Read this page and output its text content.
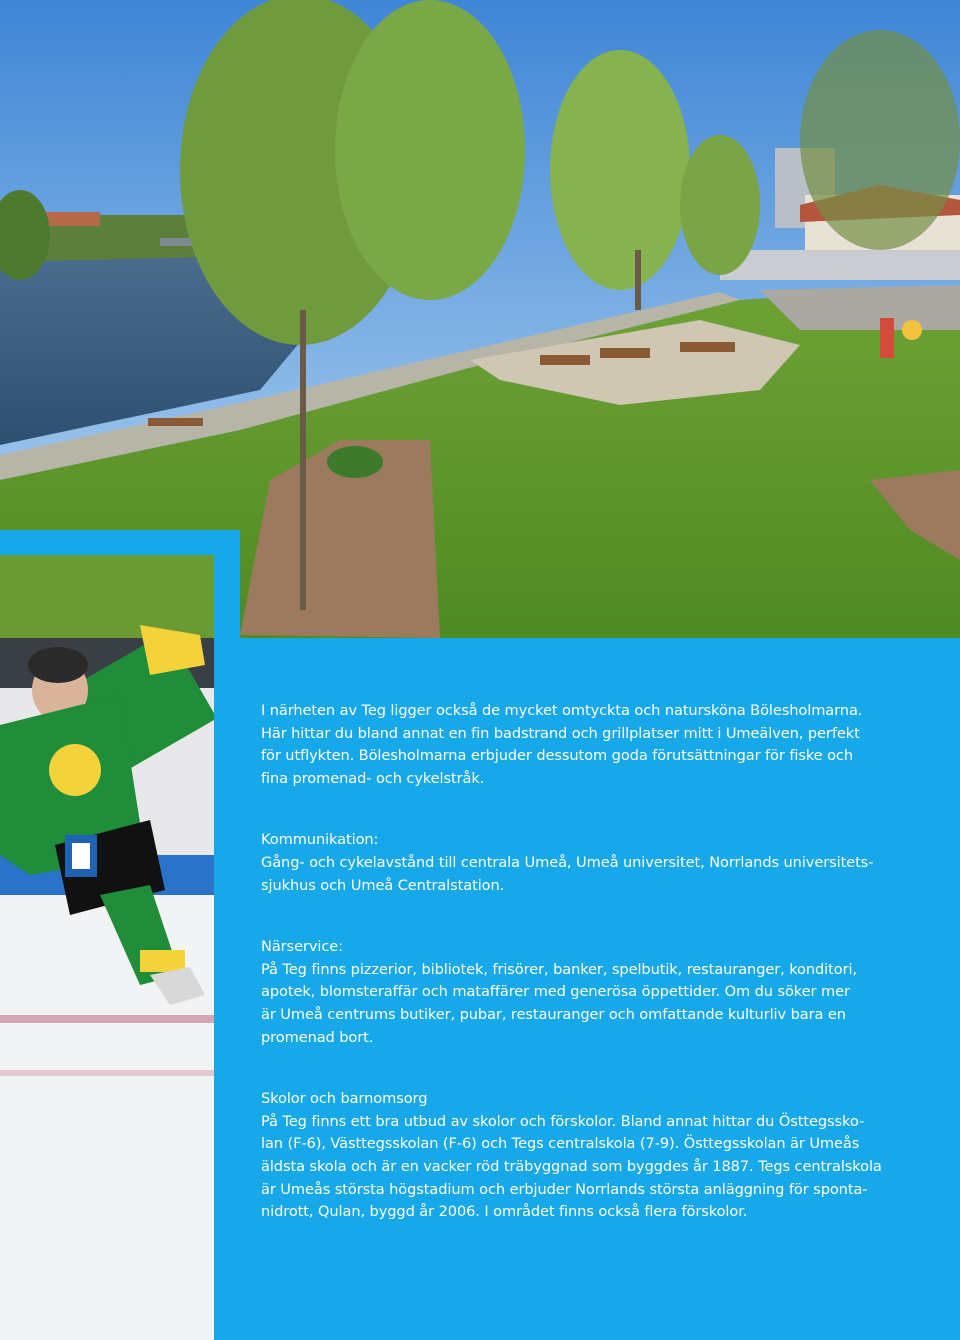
I närheten av Teg ligger också de mycket omtyckta och natursköna Bölesholmarna.
Här hittar du bland annat en fin badstrand och grillplatser mitt i Umeälven, perfekt
för utflykten. Bölesholmarna erbjuder dessutom goda förutsättningar för fiske och
fina promenad- och cykelstråk.

Kommunikation:

Gång- och cykelavstånd till centrala Umeå, Umeå universitet, Norrlands universitets-
sjukhus och Umeå Centralstation.

Närservice:

På Teg finns pizzerior, bibliotek, frisörer, banker, spelbutik, restauranger, konditori,
apotek, blomsteraffär och mataffärer med generösa öppettider. Om du söker mer
är Umeå centrums butiker, pubar, restauranger och omfattande kulturliv bara en
promenad bort.

Skolor och barnomsorg

På Teg finns ett bra utbud av skolor och förskolor. Bland annat hittar du Östtegssko-
lan (F-6), Västtegsskolan (F-6) och Tegs centralskola (7-9). Östtegsskolan är Umeås
äldsta skola och är en vacker röd träbyggnad som byggdes år 1887. Tegs centralskola
är Umeås största högstadium och erbjuder Norrlands största anläggning för sponta-
nidrott, Qulan, byggd år 2006. I området finns också flera förskolor.
